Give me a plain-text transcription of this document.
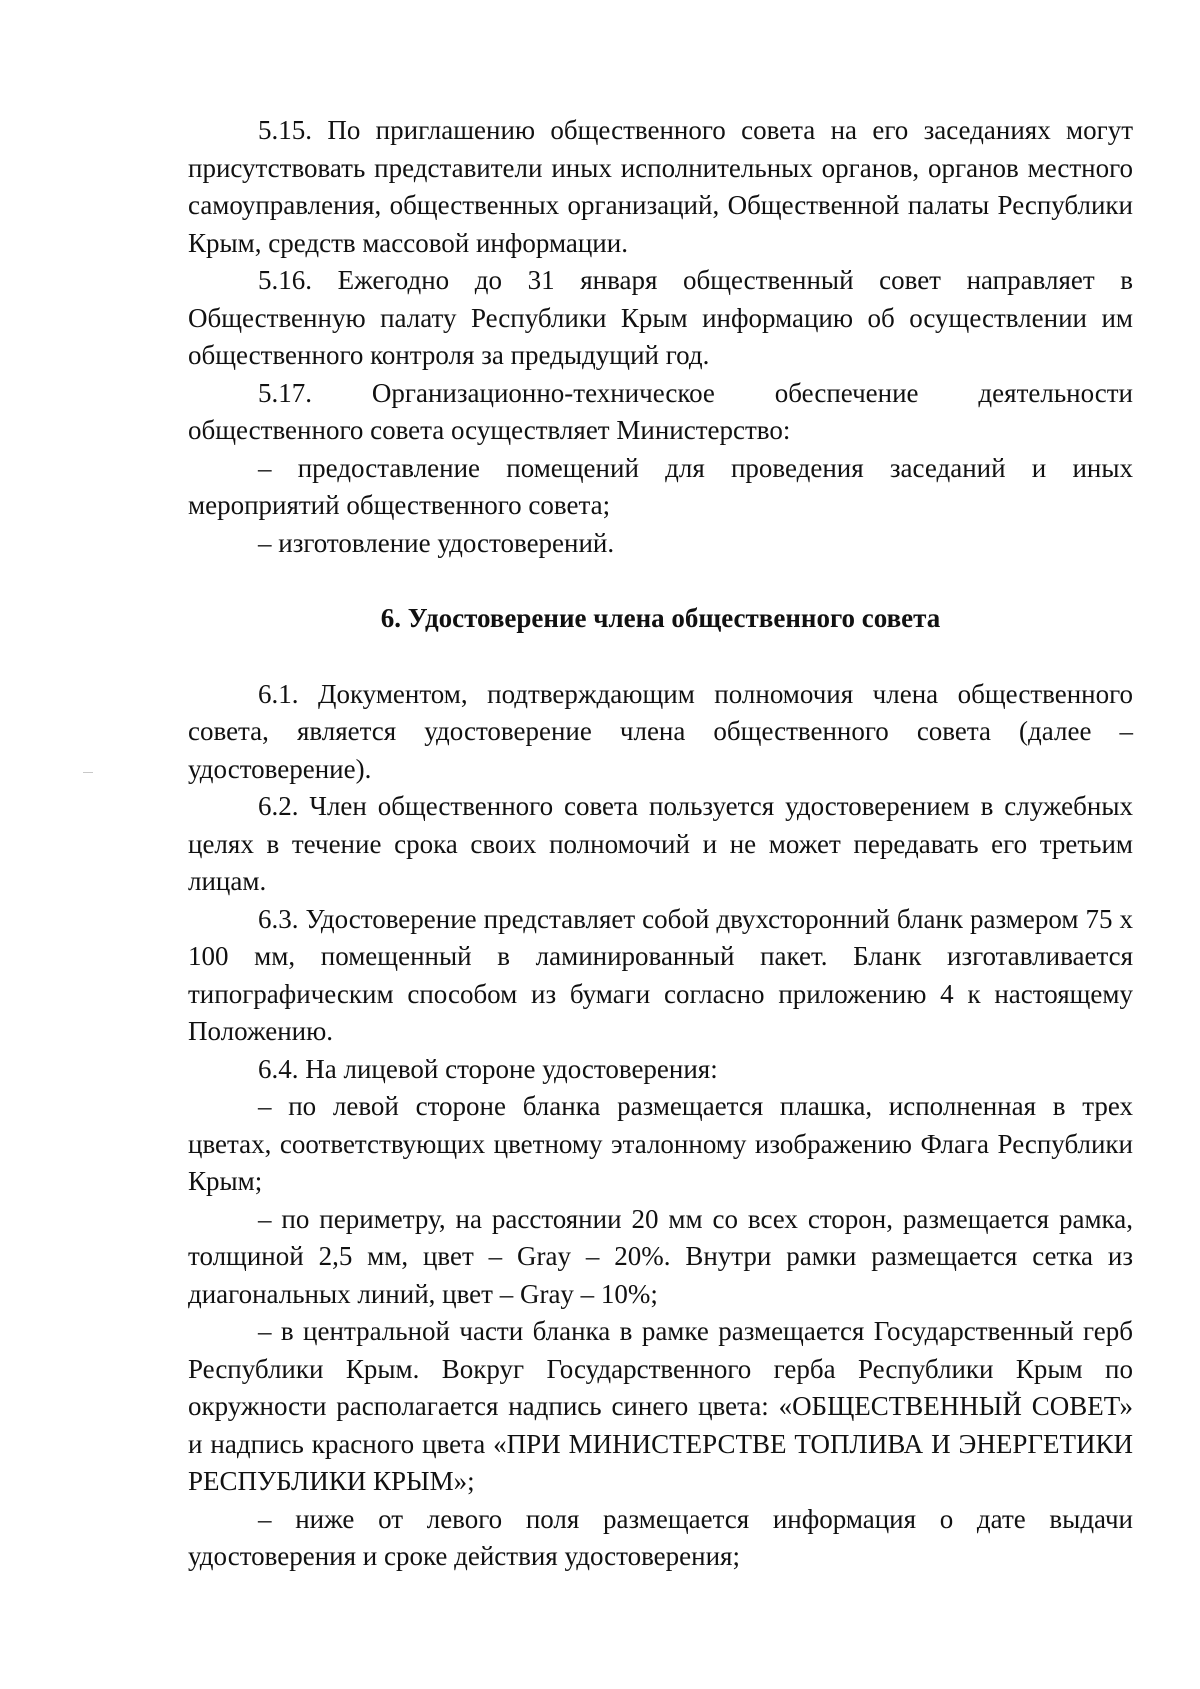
5.15. По приглашению общественного совета на его заседаниях могут присутствовать представители иных исполнительных органов, органов местного самоуправления, общественных организаций, Общественной палаты Республики Крым, средств массовой информации.

5.16. Ежегодно до 31 января общественный совет направляет в Общественную палату Республики Крым информацию об осуществлении им общественного контроля за предыдущий год.

5.17. Организационно-техническое обеспечение деятельности общественного совета осуществляет Министерство:

– предоставление помещений для проведения заседаний и иных мероприятий общественного совета;

– изготовление удостоверений.

6. Удостоверение члена общественного совета

6.1. Документом, подтверждающим полномочия члена общественного совета, является удостоверение члена общественного совета (далее – удостоверение).

6.2. Член общественного совета пользуется удостоверением в служебных целях в течение срока своих полномочий и не может передавать его третьим лицам.

6.3. Удостоверение представляет собой двухсторонний бланк размером 75 х 100 мм, помещенный в ламинированный пакет. Бланк изготавливается типографическим способом из бумаги согласно приложению 4 к настоящему Положению.

6.4. На лицевой стороне удостоверения:

– по левой стороне бланка размещается плашка, исполненная в трех цветах, соответствующих цветному эталонному изображению Флага Республики Крым;

– по периметру, на расстоянии 20 мм со всех сторон, размещается рамка, толщиной 2,5 мм, цвет – Gray – 20%. Внутри рамки размещается сетка из диагональных линий, цвет – Gray – 10%;

– в центральной части бланка в рамке размещается Государственный герб Республики Крым. Вокруг Государственного герба Республики Крым по окружности располагается надпись синего цвета: «ОБЩЕСТВЕННЫЙ СОВЕТ» и надпись красного цвета «ПРИ МИНИСТЕРСТВЕ ТОПЛИВА И ЭНЕРГЕТИКИ РЕСПУБЛИКИ КРЫМ»;

– ниже от левого поля размещается информация о дате выдачи удостоверения и сроке действия удостоверения;
